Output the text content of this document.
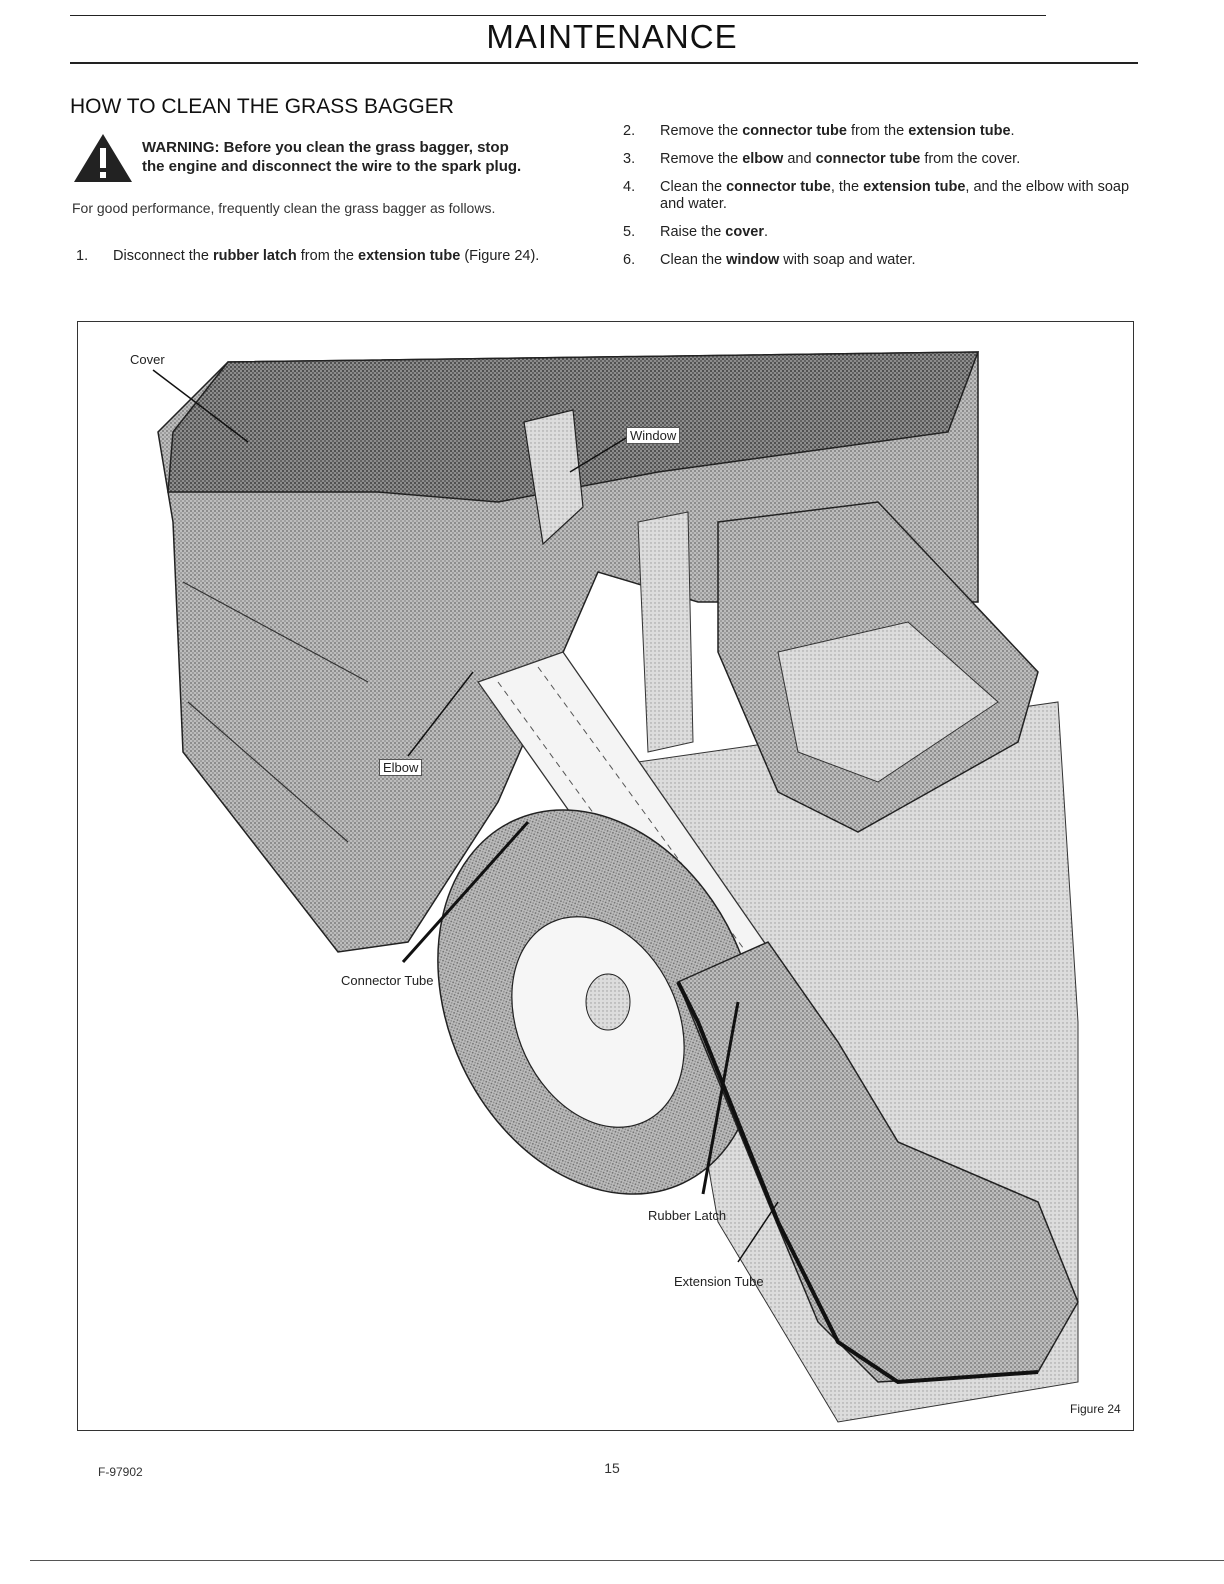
MAINTENANCE
HOW TO CLEAN THE GRASS BAGGER
WARNING: Before you clean the grass bagger, stop
the engine and disconnect the wire to the spark plug.

For good performance, frequently clean the grass bagger as follows.

1. Disconnect the rubber latch from the extension tube (Figure 24).
2. Remove the connector tube from the extension tube.
3. Remove the elbow and connector tube from the cover.
4. Clean the connector tube, the extension tube, and the elbow with soap and water.
5. Raise the cover.
6. Clean the window with soap and water.
Cover
Window
Elbow
Connector Tube
Rubber Latch
Extension Tube
Figure 24
F-97902	15
